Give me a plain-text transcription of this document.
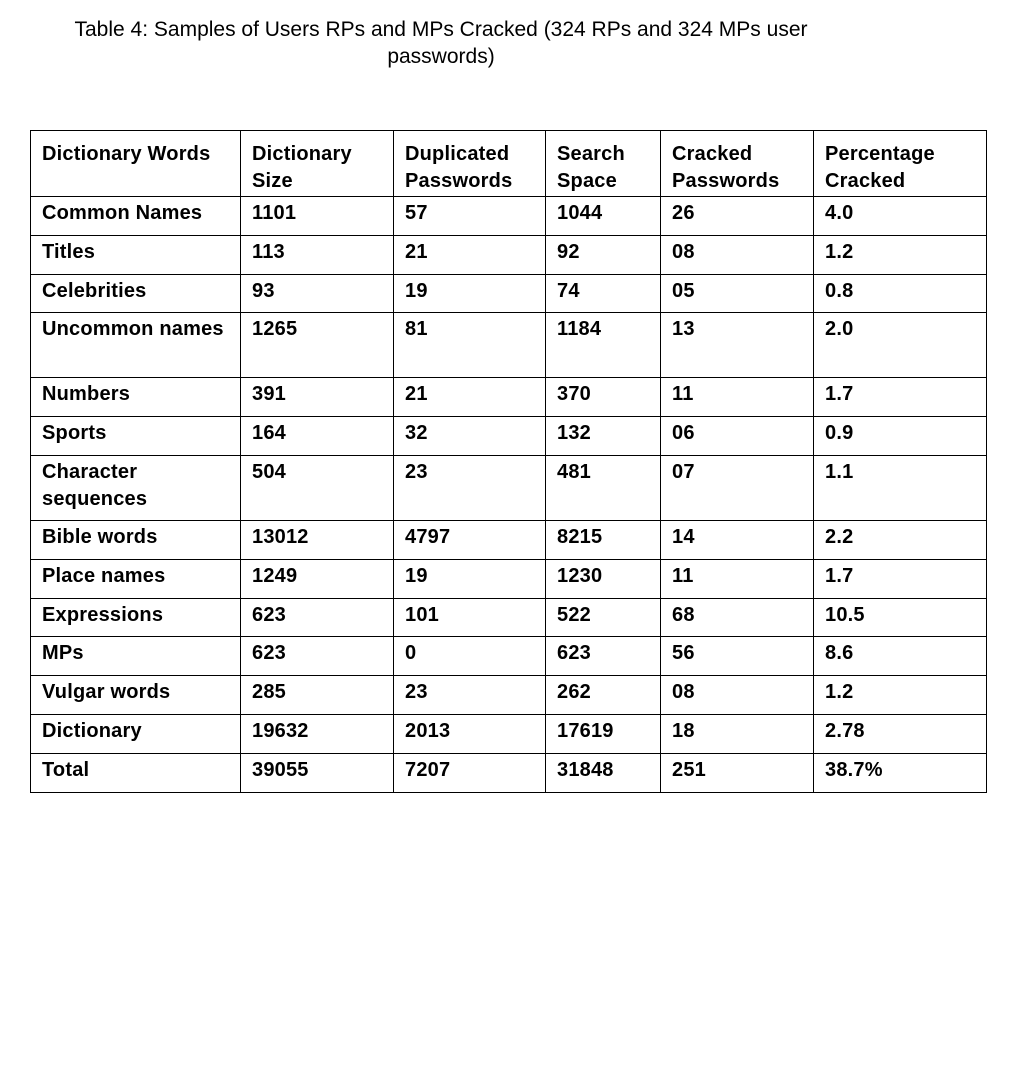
Table 4: Samples of Users RPs and MPs Cracked (324 RPs and 324 MPs user
passwords)
Dictionary Words	Dictionary Size	Duplicated Passwords	Search Space	Cracked Passwords	Percentage Cracked
Common Names	1101	57	1044	26	4.0
Titles	113	21	92	08	1.2
Celebrities	93	19	74	05	0.8
Uncommon names	1265	81	1184	13	2.0
Numbers	391	21	370	11	1.7
Sports	164	32	132	06	0.9
Character sequences	504	23	481	07	1.1
Bible words	13012	4797	8215	14	2.2
Place names	1249	19	1230	11	1.7
Expressions	623	101	522	68	10.5
MPs	623	0	623	56	8.6
Vulgar words	285	23	262	08	1.2
Dictionary	19632	2013	17619	18	2.78
Total	39055	7207	31848	251	38.7%
